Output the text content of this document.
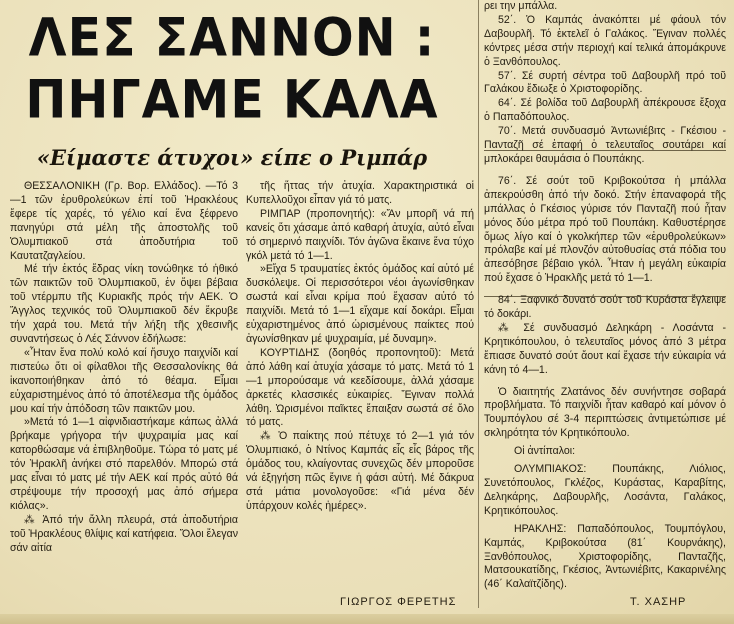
ΛΕΣ ΣΑΝΝΟΝ :
ΠΗΓΑΜΕ ΚΑΛΑ
«Είμαστε άτυχοι» είπε ο Ριμπάρ

ΘΕΣΣΑΛΟΝΙΚΗ (Γρ. Βορ. Ελλάδος). —Τό 3—1 τῶν ἐρυθρολεύκων ἐπί τοῦ Ἡρακλέους ἔφερε τίς χαρές, τό γέλιο καί ἕνα ξέφρενο πανηγύρι στά μέλη τῆς ἀποστολῆς τοῦ Ὀλυμπιακοῦ στά ἀποδυτήρια τοῦ Καυτατζαγλείου.

Μέ τήν ἐκτός ἕδρας νίκη τονώθηκε τό ἠθικό τῶν παικτῶν τοῦ Ὀλυμπιακοῦ, ἐν ὄψει βέβαια τοῦ ντέρμπυ τῆς Κυριακῆς πρός τήν ΑΕΚ. Ὁ Ἄγγλος τεχνικός τοῦ Ὀλυμπιακοῦ δέν ἔκρυβε τήν χαρά του. Μετά τήν λήξη τῆς χθεσινῆς συναντήσεως ὁ Λές Σάννον ἐδήλωσε:

«Ἦταν ἕνα πολύ κολό καί ἥσυχο παιχνίδι καί πιστεύω ὅτι οἱ φίλαθλοι τῆς Θεσσαλονίκης θά ἱκανοποιήθηκαν ἀπό τό θέαμα. Εἶμαι εὐχαριστημένος ἀπό τό ἀποτέλεσμα τῆς ὁμάδος μου καί τήν ἀπόδοση τῶν παικτῶν μου.

»Μετά τό 1—1 αἰφνιδιαστήκαμε κάπως ἀλλά βρήκαμε γρήγορα τήν ψυχραιμία μας καί κατορθώσαμε νά ἐπιβληθοῦμε. Τώρα τό ματς μέ τόν Ἡρακλῆ ἀνήκει στό παρελθόν. Μπορώ στά μας εἶναι τό ματς μέ τήν ΑΕΚ καί πρός αὐτό θά στρέψουμε τήν προσοχή μας ἀπό σήμερα κιόλας».

⁂ Ἀπό τήν ἄλλη πλευρά, στά ἀποδυτήρια τοῦ Ἡρακλέους θλίψις καί κατήφεια. Ὅλοι ἔλεγαν σάν αἰτία

τῆς ἥττας τήν ἀτυχία. Χαρακτηριστικά οἱ Κυπελλοῦχοι εἶπαν γιά τό ματς.

ΡΙΜΠΑΡ (προπονητής): «Ἄν μπορῆ νά πή κανείς ὅτι χάσαμε ἀπό καθαρή ἀτυχία, αὐτό εἶναι τό σημερινό παιχνίδι. Τόν ἀγῶνα ἔκαινε ἕνα τύχο γκόλ μετά τό 1—1.

»Εἴχα 5 τραυματίες ἐκτός ὁμάδος καί αὐτό μέ δυσκόλεψε. Οἱ περισσότεροι νέοι ἀγωνίσθηκαν σωστά καί εἶναι κρίμα πού ἔχασαν αὐτό τό παιχνίδι. Μετά τό 1—1 εἴχαμε καί δοκάρι. Εἶμαι εὐχαριστημένος ἀπό ὡρισμένους παίκτες πού ἀγωνίσθηκαν μέ ψυχραιμία, μέ δυναμη».

ΚΟΥΡΤΙΔΗΣ (δοηθός προπονητοῦ): Μετά ἀπό λάθη καί ἀτυχία χάσαμε τό ματς. Μετά τό 1—1 μπορούσαμε νά κεεδίσουμε, ἀλλά χάσαμε ἀρκετές κλασσικές εὐκαιρίες. Ἔγιναν πολλά λάθη. Ὡρισμένοι παῖκτες ἔπαιξαν σωστά σέ ὅλο τό ματς.

⁂ Ὁ παίκτης πού πέτυχε τό 2—1 γιά τόν Ὀλυμπιακό, ὁ Ντίνος Καμπάς εἶς εἶς βάρος τῆς ὁμάδος του, κλαίγοντας συνεχῶς δέν μποροῦσε νά ἐξηγήση πῶς ἔγινε ἡ φάσι αὐτή. Μέ δάκρυα στά μάτια μονολογοῦσε: «Γιά μένα δέν ὑπάρχουν κολές ἡμέρες».

ρει την μπάλλα.

52΄. Ὁ Καμπάς ἀνακόπτει μέ φάουλ τόν Δαβουρλῆ. Τό ἐκτελεῖ ὁ Γαλάκος. Ἔγιναν πολλές κόντρες μέσα στήν περιοχή καί τελικά ἀπομάκρυνε ὁ Ξανθόπουλος.

57΄. Σέ συρτή σέντρα τοῦ Δαβουρλῆ πρό τοῦ Γαλάκου ἔδιωξε ὁ Χριστοφορίδης.

64΄. Σέ βολίδα τοῦ Δαβουρλῆ ἀπέκρουσε ἔξοχα ὁ Παπαδόπουλος.

70΄. Μετά συνδυασμό Ἀντωνιέβιτς - Γκέσιου - Πανταζῆ σέ ἐπαφή ὁ τελευταῖος σουτάρει καί μπλοκάρει θαυμάσια ὁ Πουπάκης.

76΄. Σέ σούτ τοῦ Κριβοκούτσα ἡ μπάλλα ἀπεκρούσθη ἀπό τήν δοκό. Στήν ἐπαναφορά τῆς μπάλλας ὁ Γκέσιος γύρισε τόν Πανταζῆ πού ἦταν μόνος δύο μέτρα πρό τοῦ Πουπάκη. Καθυστέρησε ὅμως λίγο καί ὁ γκολκήπερ τῶν «ἐρυθρολεύκων» πρόλαβε καί μέ πλονζόν αὐτοθυσίας στά πόδια του ἀπεσόβησε βέβαιο γκόλ. Ἦταν ἡ μεγάλη εὐκαιρία πού ἔχασε ὁ Ἡρακλῆς μετά τό 1—1.

84΄. Ξαφνικό δυνατό σούτ τοῦ Κυράστα ἔγλειψε τό δοκάρι.

⁂ Σέ συνδυασμό Δεληκάρη - Λοσάντα - Κρητικόπουλου, ὁ τελευταῖος μόνος ἀπό 3 μέτρα ἔπιασε δυνατό σούτ ἄουτ καί ἔχασε τήν εὐκαιρία νά κάνη τό 4—1.

Ὁ διαιτητής Ζλατάνος δέν συνήντησε σοβαρά προβλήματα. Τό παιχνίδι ἦταν καθαρό καί μόνον ὁ Τουμπόγλου σέ 3-4 περιπτώσεις ἀντιμετώπισε μέ σκληρότητα τόν Κρητικόπουλο.

Οἱ ἀντίπαλοι:

ΟΛΥΜΠΙΑΚΟΣ: Πουπάκης, Λιόλιος, Συνετόπουλος, Γκλέζος, Κυράστας, Καραβίτης, Δεληκάρης, Δαβουρλῆς, Λοσάντα, Γαλάκος, Κρητικόπουλος.

ΗΡΑΚΛΗΣ: Παπαδόπουλος, Τουμπόγλου, Καμπάς, Κριβοκούτσα (81΄ Κουρνάκης), Ξανθόπουλος, Χριστοφορίδης, Πανταζῆς, Ματσουκατίδης, Γκέσιος, Ἀντωνιέβιτς, Κακαρινέλης (46΄ Καλαϊτζίδης).

ΓΙΩΡΓΟΣ ΦΕΡΕΤΗΣ	Τ. ΧΑΣΗΡ
